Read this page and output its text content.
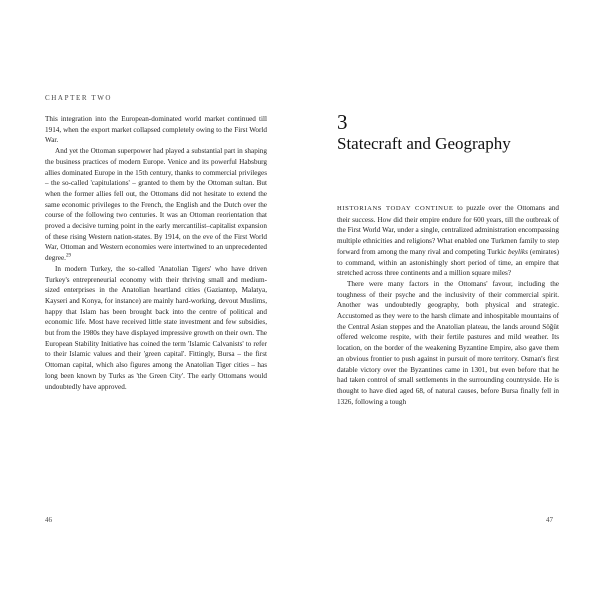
CHAPTER TWO

This integration into the European-dominated world market continued till 1914, when the export market collapsed completely owing to the First World War.

And yet the Ottoman superpower had played a substantial part in shaping the business practices of modern Europe. Venice and its powerful Habsburg allies dominated Europe in the 15th century, thanks to commercial privileges – the so-called 'capitulations' – granted to them by the Ottoman sultan. But when the former allies fell out, the Ottomans did not hesitate to extend the same economic privileges to the French, the English and the Dutch over the course of the following two centuries. It was an Ottoman reorientation that proved a decisive turning point in the early mercantilist–capitalist expansion of these rising Western nation-states. By 1914, on the eve of the First World War, Ottoman and Western economies were intertwined to an unprecedented degree.$^{29}$

In modern Turkey, the so-called 'Anatolian Tigers' who have driven Turkey's entrepreneurial economy with their thriving small and medium-sized enterprises in the Anatolian heartland cities (Gaziantep, Malatya, Kayseri and Konya, for instance) are mainly hard-working, devout Muslims, happy that Islam has been brought back into the centre of political and economic life. Most have received little state investment and few subsidies, but from the 1980s they have displayed impressive growth on their own. The European Stability Initiative has coined the term 'Islamic Calvanists' to refer to their Islamic values and their 'green capital'. Fittingly, Bursa – the first Ottoman capital, which also figures among the Anatolian Tiger cities – has long been known by Turks as 'the Green City'. The early Ottomans would undoubtedly have approved.

46
3
Statecraft and Geography

HISTORIANS TODAY CONTINUE to puzzle over the Ottomans and their success. How did their empire endure for 600 years, till the outbreak of the First World War, under a single, centralized administration encompassing multiple ethnicities and religions? What enabled one Turkmen family to step forward from among the many rival and competing Turkic beyliks (emirates) to command, within an astonishingly short period of time, an empire that stretched across three continents and a million square miles?

There were many factors in the Ottomans' favour, including the toughness of their psyche and the inclusivity of their commercial spirit. Another was undoubtedly geography, both physical and strategic. Accustomed as they were to the harsh climate and inhospitable mountains of the Central Asian steppes and the Anatolian plateau, the lands around Söğüt offered welcome respite, with their fertile pastures and mild weather. Its location, on the border of the weakening Byzantine Empire, also gave them an obvious frontier to push against in pursuit of more territory. Osman's first datable victory over the Byzantines came in 1301, but even before that he had taken control of small settlements in the surrounding countryside. He is thought to have died aged 68, of natural causes, before Bursa finally fell in 1326, following a tough

47
